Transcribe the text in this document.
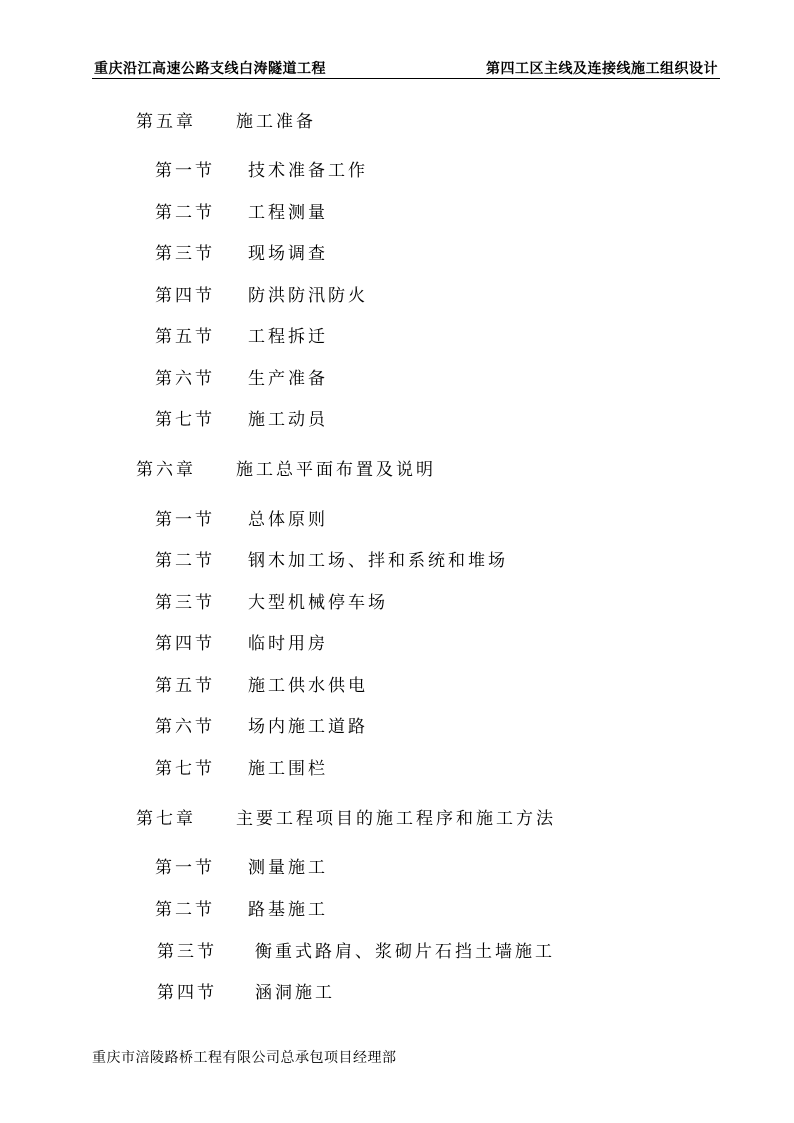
重庆沿江高速公路支线白涛隧道工程	第四工区主线及连接线施工组织设计
第五章 施工准备
第一节 技术准备工作
第二节 工程测量
第三节 现场调查
第四节 防洪防汛防火
第五节 工程拆迁
第六节 生产准备
第七节 施工动员
第六章 施工总平面布置及说明
第一节 总体原则
第二节 钢木加工场、拌和系统和堆场
第三节 大型机械停车场
第四节 临时用房
第五节 施工供水供电
第六节 场内施工道路
第七节 施工围栏
第七章 主要工程项目的施工程序和施工方法
第一节 测量施工
第二节 路基施工
第三节 衡重式路肩、浆砌片石挡土墙施工
第四节 涵洞施工
重庆市涪陵路桥工程有限公司总承包项目经理部
